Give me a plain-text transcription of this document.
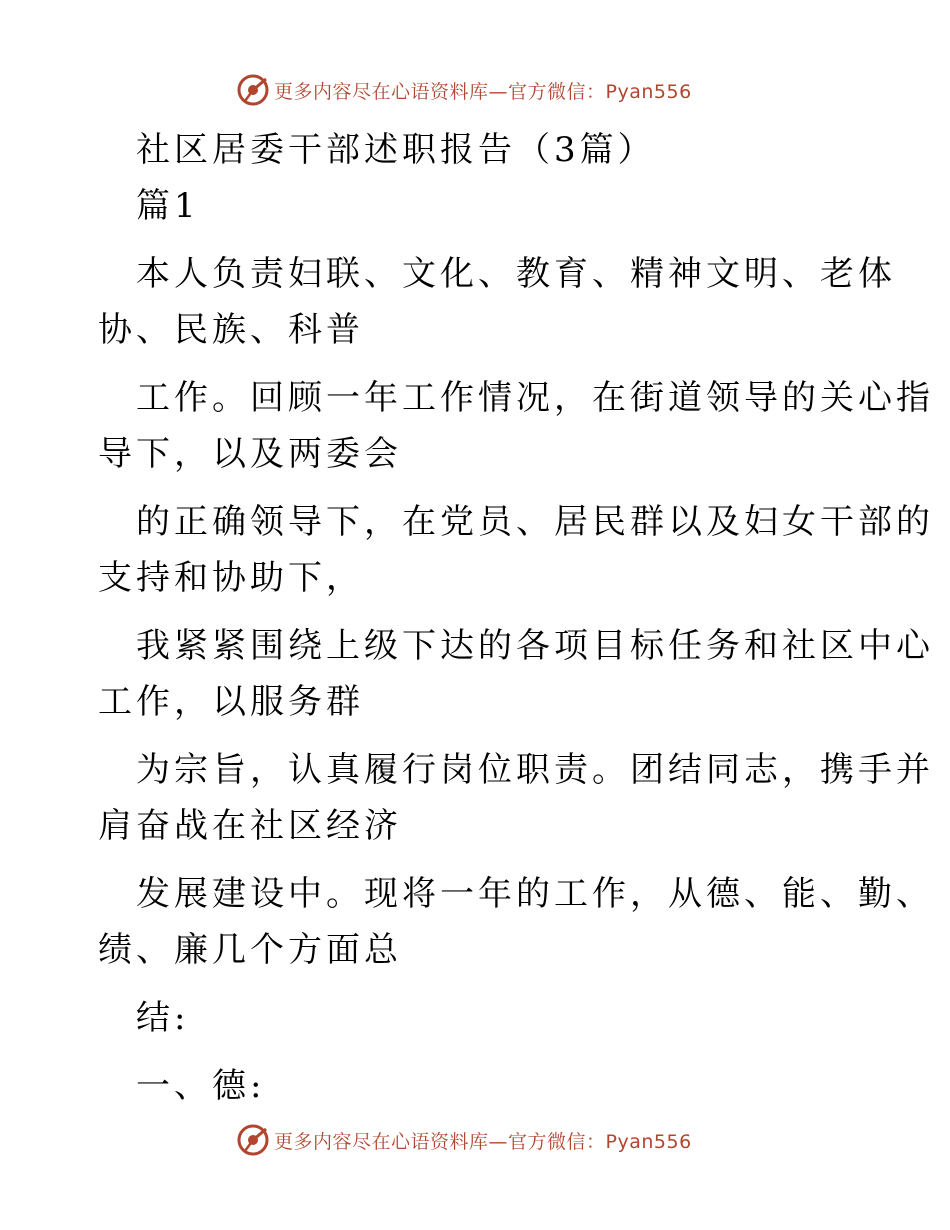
更多内容尽在心语资料库—官方微信：Pyan556
社区居委干部述职报告（3篇）
篇1
本人负责妇联、文化、教育、精神文明、老体
协、民族、科普
工作。回顾一年工作情况，在街道领导的关心指
导下，以及两委会
的正确领导下，在党员、居民群以及妇女干部的
支持和协助下，
我紧紧围绕上级下达的各项目标任务和社区中心
工作，以服务群
为宗旨，认真履行岗位职责。团结同志，携手并
肩奋战在社区经济
发展建设中。现将一年的工作，从德、能、勤、
绩、廉几个方面总
结:
一、德:
更多内容尽在心语资料库—官方微信：Pyan556
